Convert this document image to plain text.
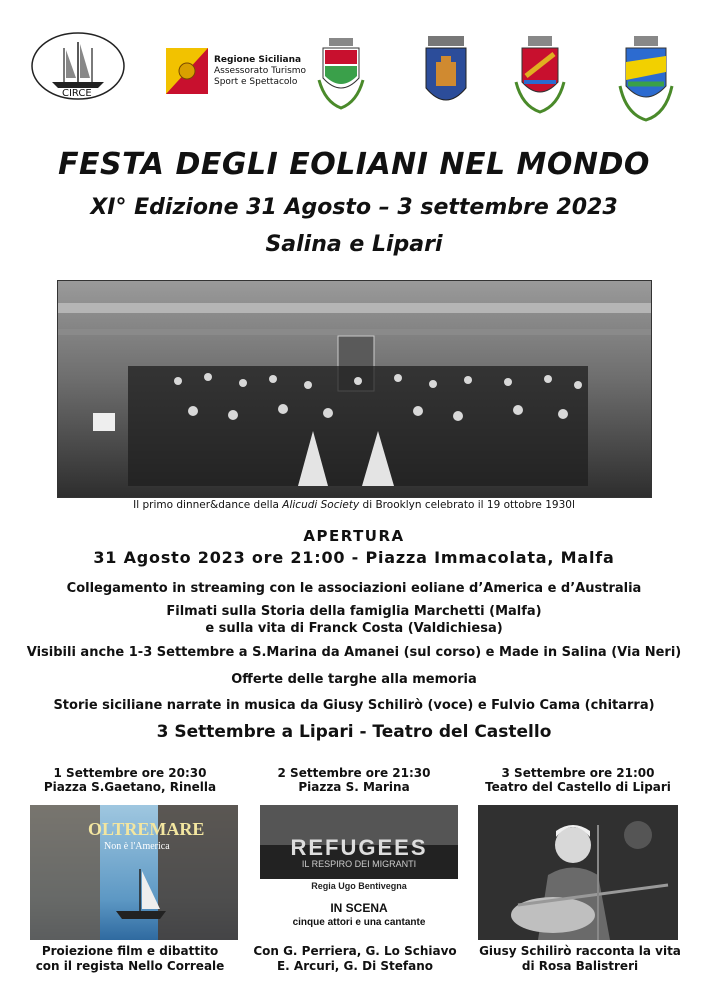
CIRCE
Regione Siciliana
Assessorato Turismo
Sport e Spettacolo
FESTA DEGLI EOLIANI NEL MONDO
XI° Edizione 31 Agosto – 3 settembre 2023
Salina e Lipari
Il primo dinner&dance della Alicudi Society di Brooklyn celebrato il 19 ottobre 1930l
APERTURA
31 Agosto 2023 ore 21:00 - Piazza Immacolata, Malfa
Collegamento in streaming con le associazioni eoliane d’America e d’Australia
Filmati sulla Storia della famiglia Marchetti (Malfa)
e sulla vita di Franck Costa (Valdichiesa)
Visibili anche 1-3 Settembre a S.Marina da Amanei (sul corso) e Made in Salina (Via Neri)
Offerte delle targhe alla memoria
Storie siciliane narrate in musica da Giusy Schilirò (voce) e Fulvio Cama (chitarra)
3 Settembre a Lipari - Teatro del Castello
1 Settembre ore 20:30
Piazza S.Gaetano, Rinella
2 Settembre ore 21:30
Piazza S. Marina
3 Settembre ore 21:00
Teatro del Castello di Lipari
OLTREMARE
Non è l'America	REFUGEES
IL RESPIRO DEI MIGRANTI
Regia Ugo Bentivegna
IN SCENA
cinque attori e una cantante
Proiezione film e dibattito
con il regista Nello Correale
Con G. Perriera, G. Lo Schiavo
E. Arcuri, G. Di Stefano
Giusy Schilirò racconta la vita
di Rosa Balistreri
